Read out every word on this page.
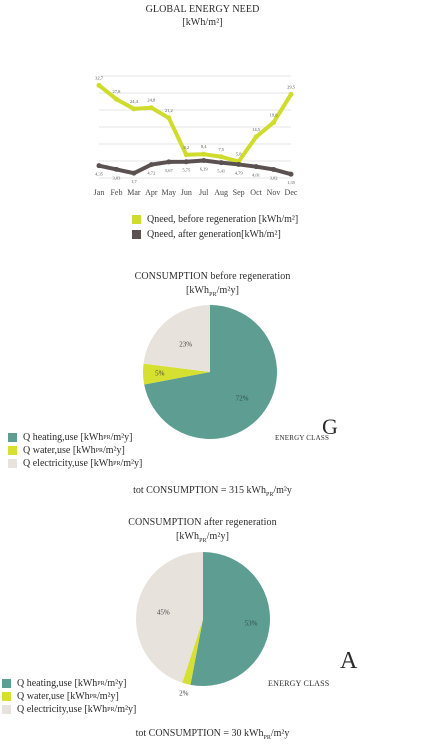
GLOBAL ENERGY NEED
[kWh/m²]
32,7
27,8
24,4 24,8
21,2
8,2	8,4
7,5
5,8
14,5
19,6
29,5
4,35
3,03
1,7
4,72
5,67 5,75 6,19 5,41 4,79 4,01
3,02
1,35
Jan Feb Mar Apr May Jun Jul Aug Sep Oct Nov Dec
Qneed, before regeneration [kWh/m²]
Qneed, after generation[kWh/m²]
CONSUMPTION before regeneration
[kWh$_{PR}$/m²y]
72%
5%
23%
Q heating,use [kWh PR /m²y]
Q water,use [kWh PR /m²y]
Q electricity,use [kWh PR /m²y]
ENERGY CLASS
G
tot CONSUMPTION = 315 kWh$_{PR}$/m²y
CONSUMPTION after regeneration
[kWh$_{PR}$/m²y]
53%
2%
45%
Q heating,use [kWh PR /m²y]
Q water,use [kWh PR /m²y]
Q electricity,use [kWh PR /m²y]
ENERGY CLASS
A
tot CONSUMPTION = 30 kWh$_{PR}$/m²y
